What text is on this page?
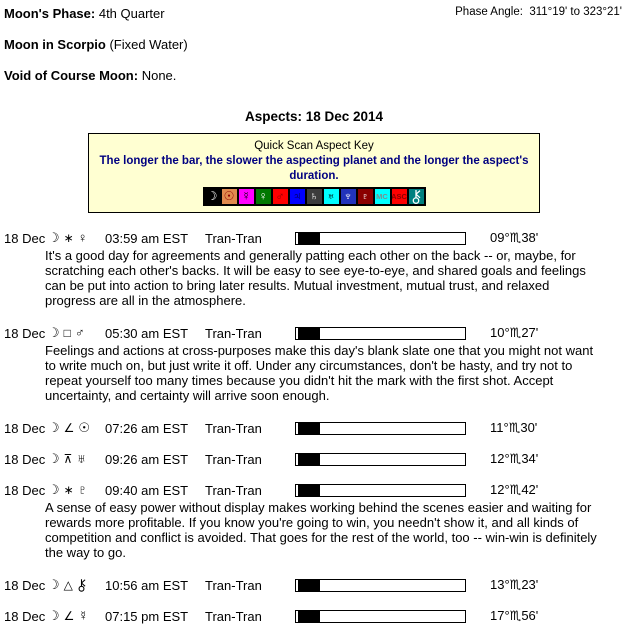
Moon's Phase: 4th Quarter	Phase Angle: 311°19' to 323°21'
Moon in Scorpio (Fixed Water)
Void of Course Moon: None.
Aspects: 18 Dec 2014
Quick Scan Aspect Key
The longer the bar, the slower the aspecting planet and the longer the aspect's duration.
☽ ☉ ☿ ♀ ♂ ♃ ♄ ♅ ♆ ♇ MC ASC
18 Dec ☽ ∗ ♀ 03:59 am EST	Tran-Tran	09°♏38'

It's a good day for agreements and generally patting each other on the back -- or, maybe, for scratching each other's backs. It will be easy to see eye-to-eye, and shared goals and feelings can be put into action to bring later results. Mutual investment, mutual trust, and relaxed progress are all in the atmosphere.

18 Dec ☽ □ ♂ 05:30 am EST	Tran-Tran	10°♏27'

Feelings and actions at cross-purposes make this day's blank slate one that you might not want to write much on, but just write it off. Under any circumstances, don't be hasty, and try not to repeat yourself too many times because you didn't hit the mark with the first shot. Accept uncertainty, and certainty will arrive soon enough.

18 Dec ☽ ∠ ☉ 07:26 am EST	Tran-Tran	11°♏30'
18 Dec ☽ ⊼ ♅ 09:26 am EST	Tran-Tran	12°♏34'
18 Dec ☽ ∗ ♇ 09:40 am EST	Tran-Tran	12°♏42'

A sense of easy power without display makes working behind the scenes easier and waiting for rewards more profitable. If you know you're going to win, you needn't show it, and all kinds of competition and conflict is avoided. That goes for the rest of the world, too -- win-win is definitely the way to go.

18 Dec ☽ △ 10:56 am EST	Tran-Tran	13°♏23'
18 Dec ☽ ∠ ☿ 07:15 pm EST	Tran-Tran	17°♏56'
